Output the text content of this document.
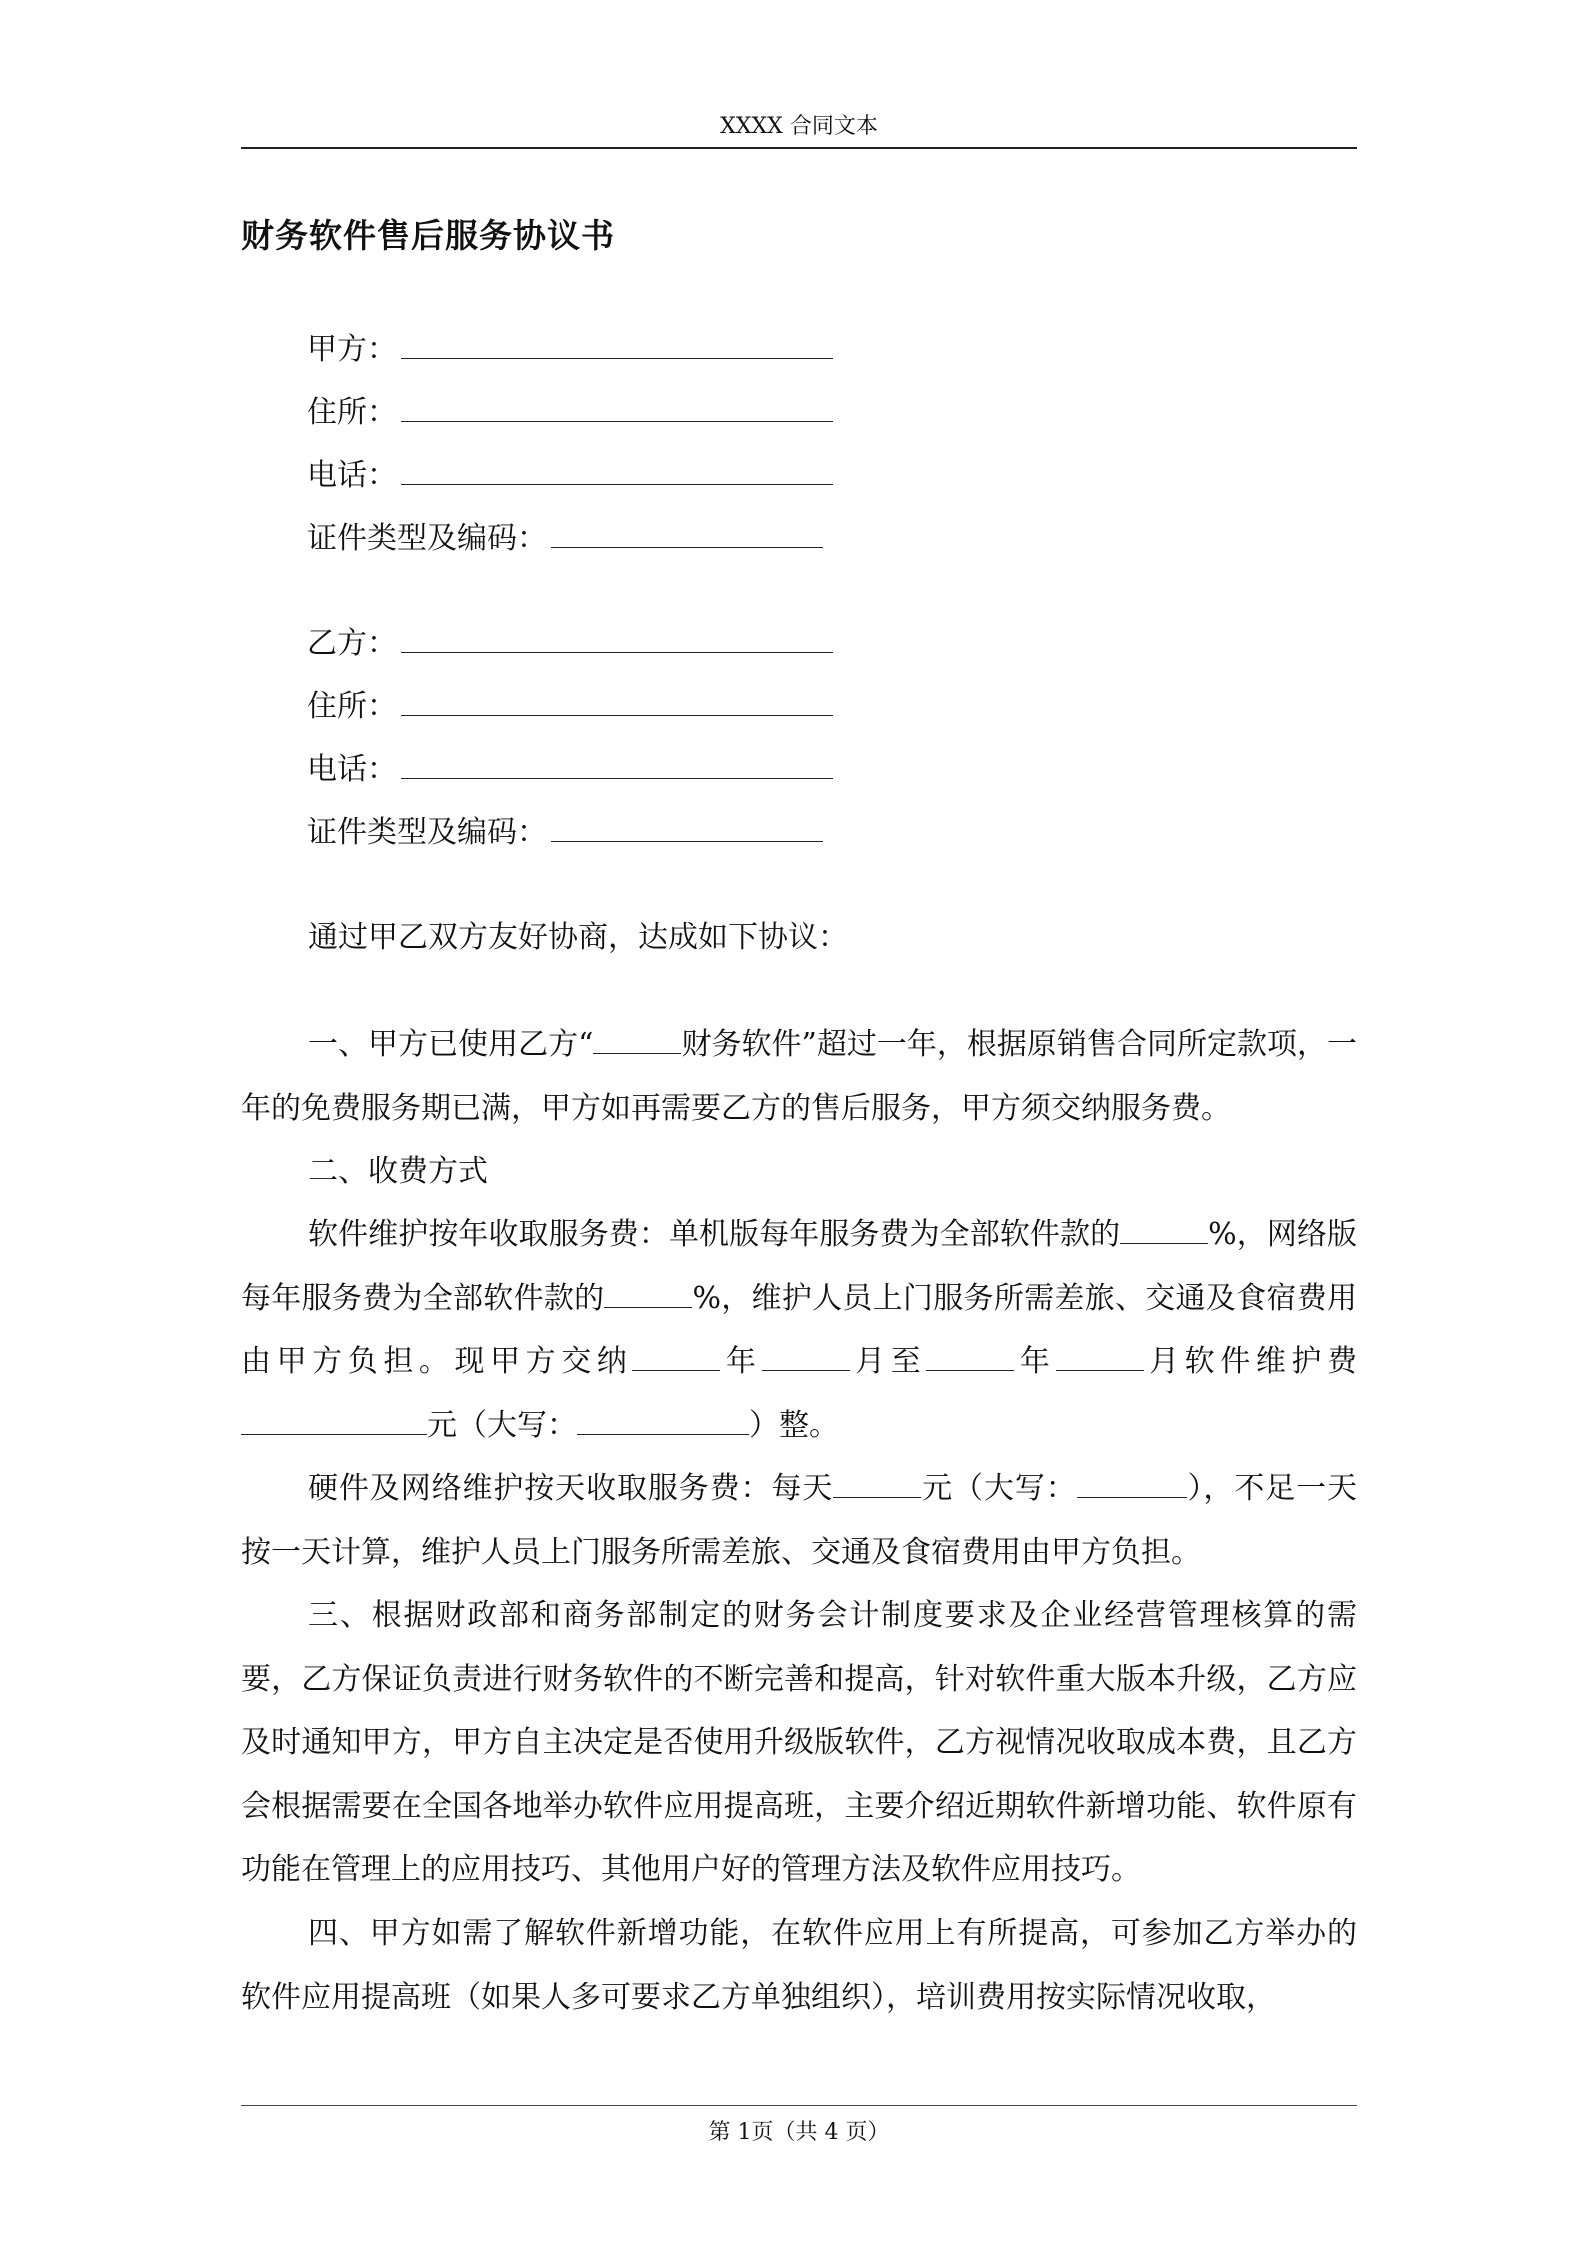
XXXX 合同文本
财务软件售后服务协议书
甲方：
住所：
电话：
证件类型及编码：
乙方：
住所：
电话：
证件类型及编码：

通过甲乙双方友好协商，达成如下协议：

一、甲方已使用乙方“	财务软件”超过一年，根据原销售合同所定款项，一年的免费服务期已满，甲方如再需要乙方的售后服务，甲方须交纳服务费。

二、收费方式

软件维护按年收取服务费：单机版每年服务费为全部软件款的	%，网络版每年服务费为全部软件款的	%，维护人员上门服务所需差旅、交通及食宿费用由甲方负担。现甲方交纳	年	月至	年	月软件维护费元（大写：	）整。

硬件及网络维护按天收取服务费：每天	元（大写：	），不足一天按一天计算，维护人员上门服务所需差旅、交通及食宿费用由甲方负担。

三、根据财政部和商务部制定的财务会计制度要求及企业经营管理核算的需要，乙方保证负责进行财务软件的不断完善和提高，针对软件重大版本升级，乙方应及时通知甲方，甲方自主决定是否使用升级版软件，乙方视情况收取成本费，且乙方会根据需要在全国各地举办软件应用提高班，主要介绍近期软件新增功能、软件原有功能在管理上的应用技巧、其他用户好的管理方法及软件应用技巧。

四、甲方如需了解软件新增功能，在软件应用上有所提高，可参加乙方举办的软件应用提高班（如果人多可要求乙方单独组织），培训费用按实际情况收取，

第 1页（共 4 页）
